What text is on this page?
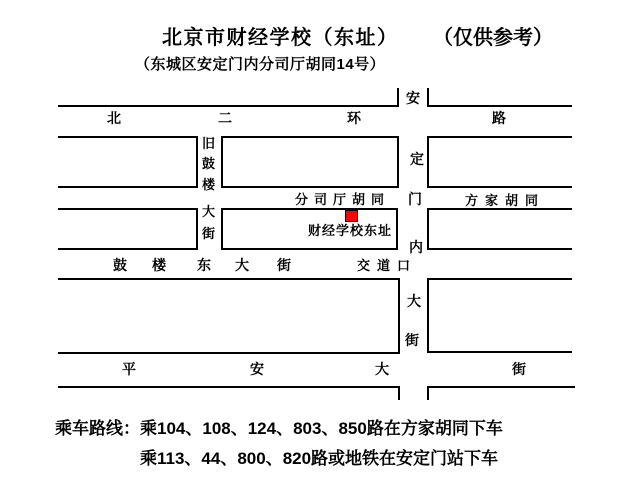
北京市财经学校（东址） （仅供参考）
（东城区安定门内分司厅胡同14号）
北	二	环	路
安
定
门
内
大
街
旧
鼓
楼
大
街
分司厅胡同	方家胡同
财经学校东址
鼓 楼 东 大 街	交道口
平	安	大	街
乘车路线：乘104、108、124、803、850路在方家胡同下车
乘113、44、800、820路或地铁在安定门站下车
